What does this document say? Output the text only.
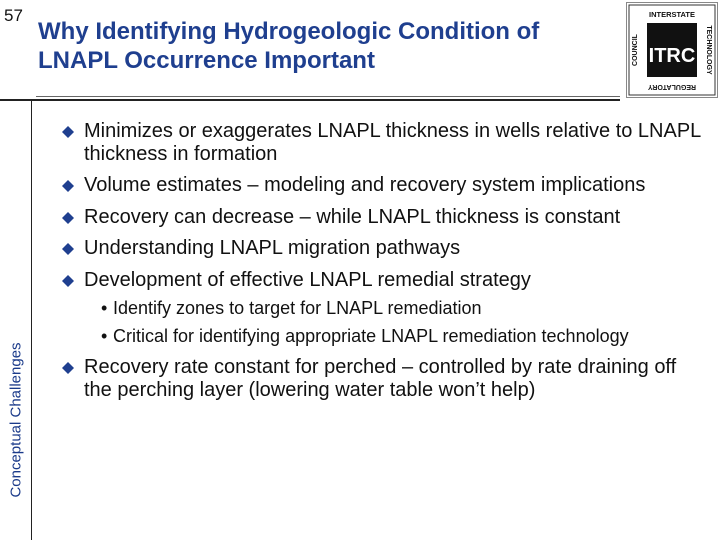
57
Why Identifying Hydrogeologic Condition of LNAPL Occurrence Important	ITRC
INTERSTATE
TECHNOLOGY
REGULATORY
COUNCIL
Conceptual Challenges
Minimizes or exaggerates LNAPL thickness in wells relative to LNAPL thickness in formation
Volume estimates – modeling and recovery system implications
Recovery can decrease – while LNAPL thickness is constant
Understanding LNAPL migration pathways
Development of effective LNAPL remedial strategy
• Identify zones to target for LNAPL remediation
• Critical for identifying appropriate LNAPL remediation technology
Recovery rate constant for perched – controlled by rate draining off the perching layer (lowering water table won’t help)
